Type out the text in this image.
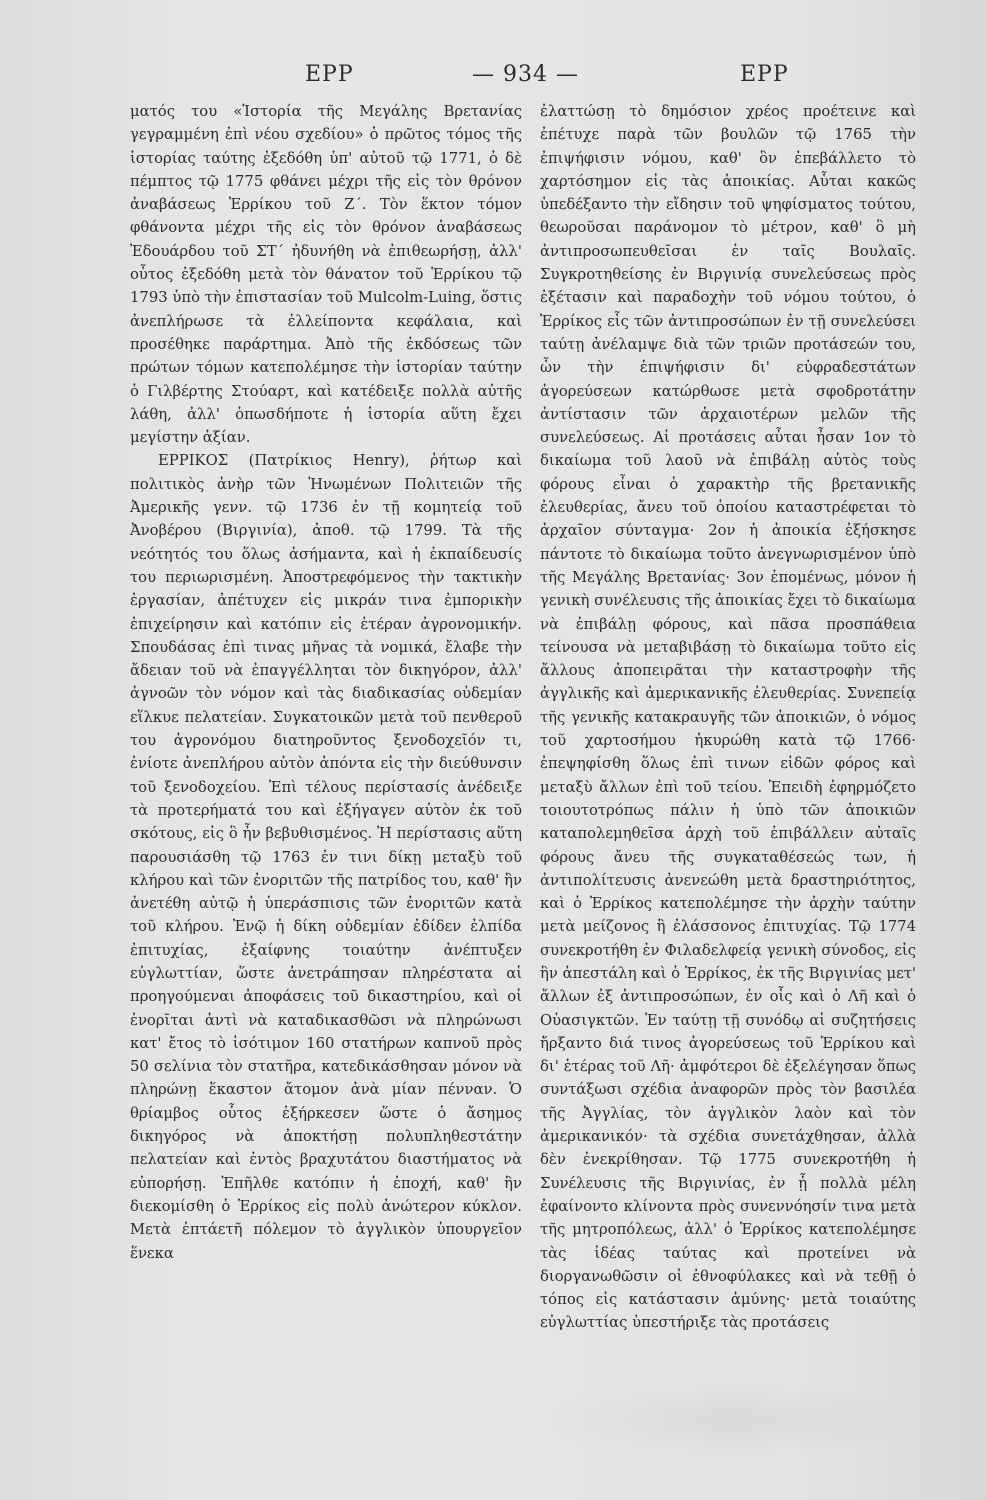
ΕΡΡ	— 934 —	ΕΡΡ

ματός του «Ἱστορία τῆς Μεγάλης Βρετανίας γεγραμμένη ἐπὶ νέου σχεδίου» ὁ πρῶτος τόμος τῆς ἱστορίας ταύτης ἐξεδόθη ὑπ' αὐτοῦ τῷ 1771, ὁ δὲ πέμπτος τῷ 1775 φθάνει μέχρι τῆς εἰς τὸν θρόνον ἀναβάσεως Ἑρρίκου τοῦ Ζ΄. Τὸν ἕκτον τόμον φθάνοντα μέχρι τῆς εἰς τὸν θρόνον ἀναβάσεως Ἐδουάρδου τοῦ ΣΤ΄ ἠδυνήθη νὰ ἐπιθεωρήσῃ, ἀλλ' οὗτος ἐξεδόθη μετὰ τὸν θάνατον τοῦ Ἑρρίκου τῷ 1793 ὑπὸ τὴν ἐπιστασίαν τοῦ Mulcolm-Luing, ὅστις ἀνεπλήρωσε τὰ ἐλλείποντα κεφάλαια, καὶ προσέθηκε παράρτημα. Ἀπὸ τῆς ἐκδόσεως τῶν πρώτων τόμων κατεπολέμησε τὴν ἱστορίαν ταύτην ὁ Γιλβέρτης Στούαρτ, καὶ κατέδειξε πολλὰ αὐτῆς λάθη, ἀλλ' ὁπωσδήποτε ἡ ἱστορία αὕτη ἔχει μεγίστην ἀξίαν.

ΕΡΡΙΚΟΣ (Πατρίκιος Henry), ῥήτωρ καὶ πολιτικὸς ἀνὴρ τῶν Ἡνωμένων Πολιτειῶν τῆς Ἀμερικῆς γενν. τῷ 1736 ἐν τῇ κομητείᾳ τοῦ Ἀνοβέρου (Βιργινία), ἀποθ. τῷ 1799. Τὰ τῆς νεότητός του ὅλως ἀσήμαντα, καὶ ἡ ἐκπαίδευσίς του περιωρισμένη. Ἀποστρεφόμενος τὴν τακτικὴν ἐργασίαν, ἀπέτυχεν εἰς μικράν τινα ἐμπορικὴν ἐπιχείρησιν καὶ κατόπιν εἰς ἑτέραν ἀγρονομικήν. Σπουδάσας ἐπὶ τινας μῆνας τὰ νομικά, ἔλαβε τὴν ἄδειαν τοῦ νὰ ἐπαγγέλληται τὸν δικηγόρον, ἀλλ' ἀγνοῶν τὸν νόμον καὶ τὰς διαδικασίας οὐδεμίαν εἵλκυε πελατείαν. Συγκατοικῶν μετὰ τοῦ πενθεροῦ του ἀγρονόμου διατηροῦντος ξενοδοχεῖόν τι, ἐνίοτε ἀνεπλήρου αὐτὸν ἀπόντα εἰς τὴν διεύθυνσιν τοῦ ξενοδοχείου. Ἐπὶ τέλους περίστασίς ἀνέδειξε τὰ προτερήματά του καὶ ἐξήγαγεν αὐτὸν ἐκ τοῦ σκότους, εἰς ὃ ἦν βεβυθισμένος. Ἡ περίστασις αὕτη παρουσιάσθη τῷ 1763 ἐν τινι δίκῃ μεταξὺ τοῦ κλήρου καὶ τῶν ἐνοριτῶν τῆς πατρίδος του, καθ' ἣν ἀνετέθη αὐτῷ ἡ ὑπεράσπισις τῶν ἐνοριτῶν κατὰ τοῦ κλήρου. Ἐνῷ ἡ δίκη οὐδεμίαν ἐδίδεν ἐλπίδα ἐπιτυχίας, ἐξαίφνης τοιαύτην ἀνέπτυξεν εὐγλωττίαν, ὥστε ἀνετράπησαν πληρέστατα αἱ προηγούμεναι ἀποφάσεις τοῦ δικαστηρίου, καὶ οἱ ἐνορῖται ἀντὶ νὰ καταδικασθῶσι νὰ πληρώνωσι κατ' ἔτος τὸ ἰσότιμον 160 στατήρων καπνοῦ πρὸς 50 σελίνια τὸν στατῆρα, κατεδικάσθησαν μόνον νὰ πληρώνῃ ἕκαστον ἄτομον ἀνὰ μίαν πένναν. Ὁ θρίαμβος οὗτος ἐξήρκεσεν ὥστε ὁ ἄσημος δικηγόρος νὰ ἀποκτήσῃ πολυπληθεστάτην πελατείαν καὶ ἐντὸς βραχυτάτου διαστήματος νὰ εὐπορήσῃ. Ἐπῆλθε κατόπιν ἡ ἐποχή, καθ' ἣν διεκομίσθη ὁ Ἑρρίκος εἰς πολὺ ἀνώτερον κύκλον. Μετὰ ἐπτάετῆ πόλεμον τὸ ἀγγλικὸν ὑπουργεῖον ἕνεκα

ἐλαττώσῃ τὸ δημόσιον χρέος προέτεινε καὶ ἐπέτυχε παρὰ τῶν βουλῶν τῷ 1765 τὴν ἐπιψήφισιν νόμου, καθ' ὃν ἐπεβάλλετο τὸ χαρτόσημον εἰς τὰς ἀποικίας. Αὗται κακῶς ὑπεδέξαντο τὴν εἴδησιν τοῦ ψηφίσματος τούτου, θεωροῦσαι παράνομον τὸ μέτρον, καθ' ὃ μὴ ἀντιπροσωπευθεῖσαι ἐν ταῖς Βουλαῖς. Συγκροτηθείσης ἐν Βιργινίᾳ συνελεύσεως πρὸς ἐξέτασιν καὶ παραδοχὴν τοῦ νόμου τούτου, ὁ Ἑρρίκος εἷς τῶν ἀντιπροσώπων ἐν τῇ συνελεύσει ταύτῃ ἀνέλαμψε διὰ τῶν τριῶν προτάσεών του, ὧν τὴν ἐπιψήφισιν δι' εὐφραδεστάτων ἀγορεύσεων κατώρθωσε μετὰ σφοδροτάτην ἀντίστασιν τῶν ἀρχαιοτέρων μελῶν τῆς συνελεύσεως. Αἱ προτάσεις αὗται ἦσαν 1ον τὸ δικαίωμα τοῦ λαοῦ νὰ ἐπιβάλῃ αὐτὸς τοὺς φόρους εἶναι ὁ χαρακτὴρ τῆς βρετανικῆς ἐλευθερίας, ἄνευ τοῦ ὁποίου καταστρέφεται τὸ ἀρχαῖον σύνταγμα· 2ον ἡ ἀποικία ἐξήσκησε πάντοτε τὸ δικαίωμα τοῦτο ἀνεγνωρισμένον ὑπὸ τῆς Μεγάλης Βρετανίας· 3ον ἑπομένως, μόνον ἡ γενικὴ συνέλευσις τῆς ἀποικίας ἔχει τὸ δικαίωμα νὰ ἐπιβάλῃ φόρους, καὶ πᾶσα προσπάθεια τείνουσα νὰ μεταβιβάσῃ τὸ δικαίωμα τοῦτο εἰς ἄλλους ἀποπειρᾶται τὴν καταστροφὴν τῆς ἀγγλικῆς καὶ ἀμερικανικῆς ἐλευθερίας. Συνεπείᾳ τῆς γενικῆς κατακραυγῆς τῶν ἀποικιῶν, ὁ νόμος τοῦ χαρτοσήμου ἠκυρώθη κατὰ τῷ 1766· ἐπεψηφίσθη ὅλως ἐπὶ τινων εἰδῶν φόρος καὶ μεταξὺ ἄλλων ἐπὶ τοῦ τείου. Ἐπειδὴ ἐφηρμόζετο τοιουτοτρόπως πάλιν ἡ ὑπὸ τῶν ἀποικιῶν καταπολεμηθεῖσα ἀρχὴ τοῦ ἐπιβάλλειν αὐταῖς φόρους ἄνευ τῆς συγκαταθέσεώς των, ἡ ἀντιπολίτευσις ἀνενεώθη μετὰ δραστηριότητος, καὶ ὁ Ἑρρίκος κατεπολέμησε τὴν ἀρχὴν ταύτην μετὰ μείζονος ἢ ἐλάσσονος ἐπιτυχίας. Τῷ 1774 συνεκροτήθη ἐν Φιλαδελφείᾳ γενικὴ σύνοδος, εἰς ἣν ἀπεστάλη καὶ ὁ Ἑρρίκος, ἐκ τῆς Βιργινίας μετ' ἄλλων ἐξ ἀντιπροσώπων, ἐν οἷς καὶ ὁ Λῆ καὶ ὁ Οὐασιγκτῶν. Ἐν ταύτῃ τῇ συνόδῳ αἱ συζητήσεις ἤρξαντο διά τινος ἀγορεύσεως τοῦ Ἑρρίκου καὶ δι' ἑτέρας τοῦ Λῆ· ἀμφότεροι δὲ ἐξελέγησαν ὅπως συντάξωσι σχέδια ἀναφορῶν πρὸς τὸν βασιλέα τῆς Ἀγγλίας, τὸν ἀγγλικὸν λαὸν καὶ τὸν ἀμερικανικόν· τὰ σχέδια συνετάχθησαν, ἀλλὰ δὲν ἐνεκρίθησαν. Τῷ 1775 συνεκροτήθη ἡ Συνέλευσις τῆς Βιργινίας, ἐν ᾗ πολλὰ μέλη ἐφαίνοντο κλίνοντα πρὸς συνεννόησίν τινα μετὰ τῆς μητροπόλεως, ἀλλ' ὁ Ἑρρίκος κατεπολέμησε τὰς ἰδέας ταύτας καὶ προτείνει νὰ διοργανωθῶσιν οἱ ἐθνοφύλακες καὶ νὰ τεθῇ ὁ τόπος εἰς κατάστασιν ἀμύνης· μετὰ τοιαύτης εὐγλωττίας ὑπεστήριξε τὰς προτάσεις
